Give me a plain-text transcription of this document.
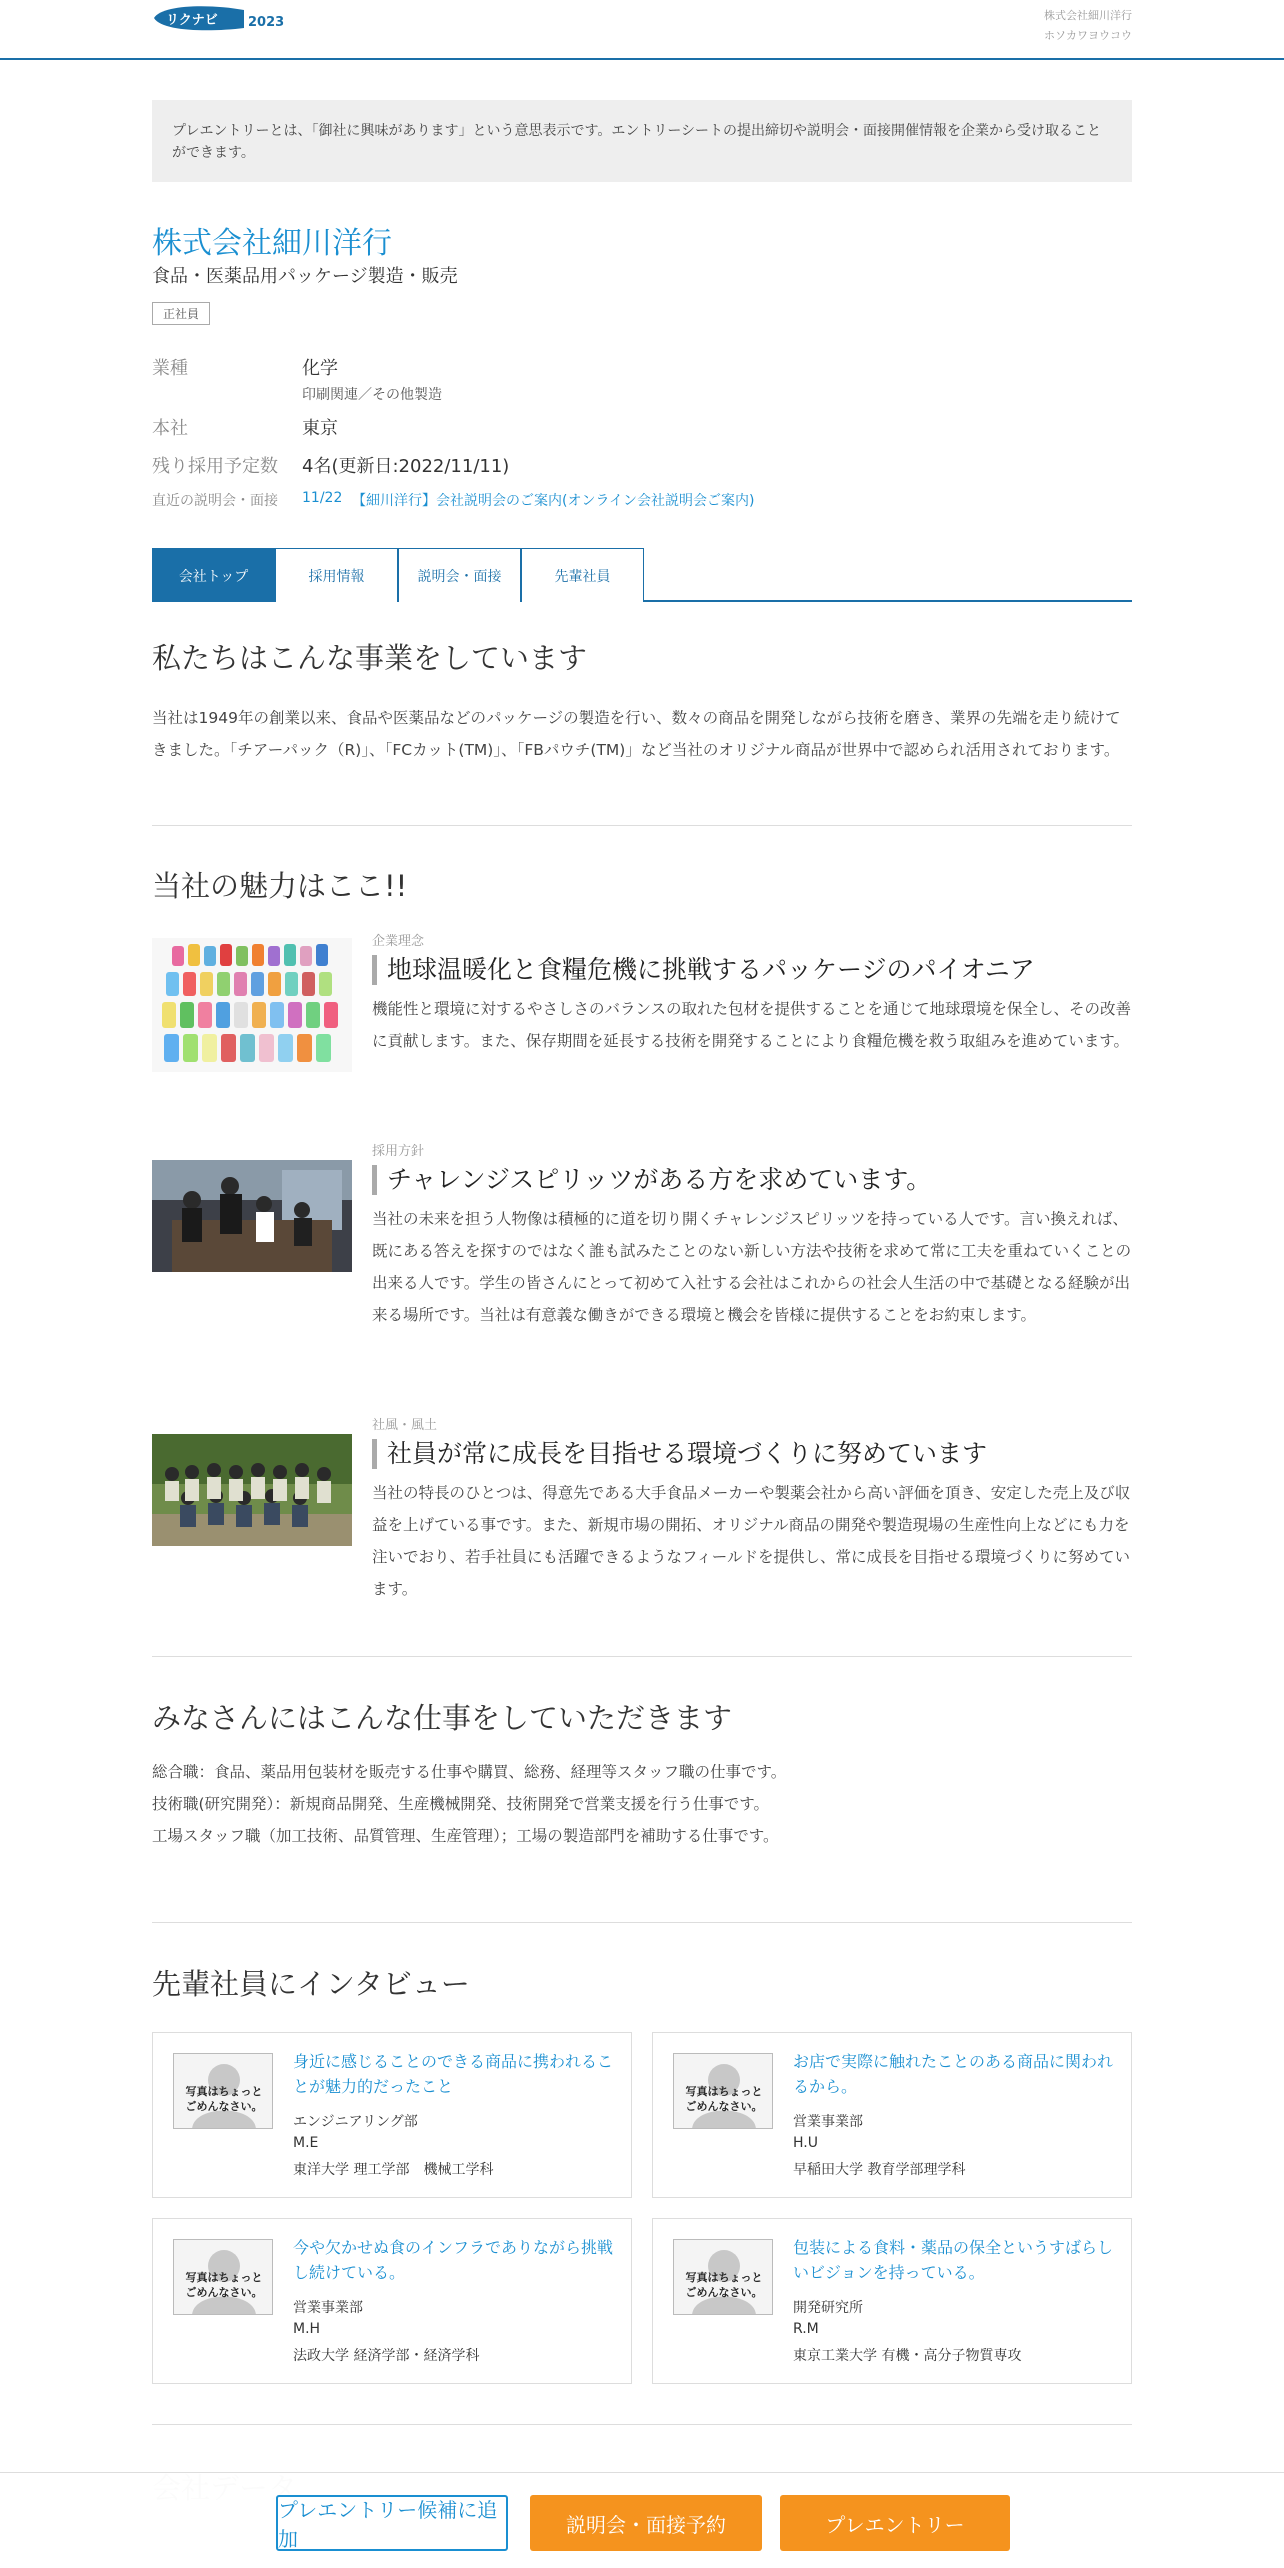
リクナビ 2023	株式会社細川洋行
ホソカワヨウコウ
プレエントリーとは、「御社に興味があります」という意思表示です。エントリーシートの提出締切や説明会・面接開催情報を企業から受け取ることができます。
株式会社細川洋行
食品・医薬品用パッケージ製造・販売
正社員
業種	化学
印刷関連／その他製造
本社	東京
残り採用予定数 4名(更新日:2022/11/11)
直近の説明会・面接 11/22 【細川洋行】会社説明会のご案内(オンライン会社説明会ご案内)
会社トップ	採用情報	説明会・面接	先輩社員
私たちはこんな事業をしています
当社は1949年の創業以来、食品や医薬品などのパッケージの製造を行い、数々の商品を開発しながら技術を磨き、業界の先端を走り続けてきました。「チアーパック（R)」、「FCカット(TM)」、「FBパウチ(TM)」など当社のオリジナル商品が世界中で認められ活用されております。
当社の魅力はここ!!
企業理念
地球温暖化と食糧危機に挑戦するパッケージのパイオニア
機能性と環境に対するやさしさのバランスの取れた包材を提供することを通じて地球環境を保全し、その改善に貢献します。また、保存期間を延長する技術を開発することにより食糧危機を救う取組みを進めています。
採用方針
チャレンジスピリッツがある方を求めています。
当社の未来を担う人物像は積極的に道を切り開くチャレンジスピリッツを持っている人です。言い換えれば、既にある答えを探すのではなく誰も試みたことのない新しい方法や技術を求めて常に工夫を重ねていくことの出来る人です。学生の皆さんにとって初めて入社する会社はこれからの社会人生活の中で基礎となる経験が出来る場所です。当社は有意義な働きができる環境と機会を皆様に提供することをお約束します。
社風・風土
社員が常に成長を目指せる環境づくりに努めています
当社の特長のひとつは、得意先である大手食品メーカーや製薬会社から高い評価を頂き、安定した売上及び収益を上げている事です。また、新規市場の開拓、オリジナル商品の開発や製造現場の生産性向上などにも力を注いでおり、若手社員にも活躍できるようなフィールドを提供し、常に成長を目指せる環境づくりに努めています。
みなさんにはこんな仕事をしていただきます
総合職：食品、薬品用包装材を販売する仕事や購買、総務、経理等スタッフ職の仕事です。
技術職(研究開発）：新規商品開発、生産機械開発、技術開発で営業支援を行う仕事です。
工場スタッフ職（加工技術、品質管理、生産管理）；工場の製造部門を補助する仕事です。
先輩社員にインタビュー
写真はちょっと
ごめんなさい。
身近に感じることのできる商品に携われることが魅力的だったこと
エンジニアリング部
M.E
東洋大学 理工学部　機械工学科
写真はちょっと
ごめんなさい。
お店で実際に触れたことのある商品に関われるから。
営業事業部
H.U
早稲田大学 教育学部理学科
写真はちょっと
ごめんなさい。
今や欠かせぬ食のインフラでありながら挑戦し続けている。
営業事業部
M.H
法政大学 経済学部・経済学科
写真はちょっと
ごめんなさい。
包装による食料・薬品の保全というすばらしいビジョンを持っている。
開発研究所
R.M
東京工業大学 有機・高分子物質専攻
プレエントリー候補に追加
説明会・面接予約	プレエントリー
